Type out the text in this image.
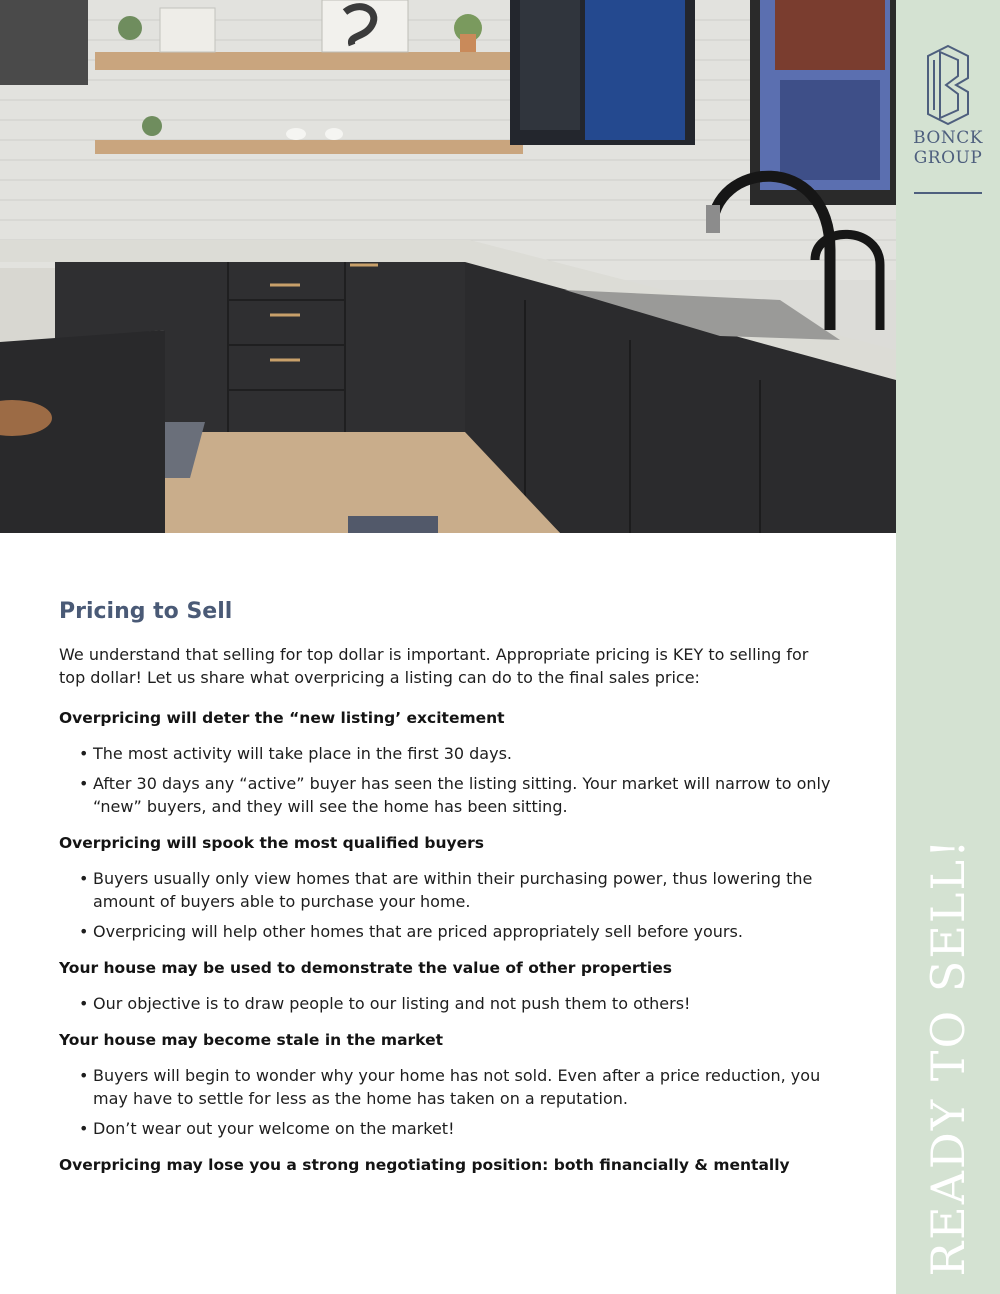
BONCK
GROUP
READY TO SELL!
Pricing to Sell

We understand that selling for top dollar is important. Appropriate pricing is KEY to selling for top dollar! Let us share what overpricing a listing can do to the final sales price:

Overpricing will deter the “new listing’ excitement
• The most activity will take place in the first 30 days.
• After 30 days any “active” buyer has seen the listing sitting. Your market will narrow to only “new” buyers, and they will see the home has been sitting.
Overpricing will spook the most qualified buyers
• Buyers usually only view homes that are within their purchasing power, thus lowering the amount of buyers able to purchase your home.
• Overpricing will help other homes that are priced appropriately sell before yours.
Your house may be used to demonstrate the value of other properties
• Our objective is to draw people to our listing and not push them to others!
Your house may become stale in the market
• Buyers will begin to wonder why your home has not sold. Even after a price reduction, you may have to settle for less as the home has taken on a reputation.
• Don’t wear out your welcome on the market!
Overpricing may lose you a strong negotiating position: both financially & mentally
